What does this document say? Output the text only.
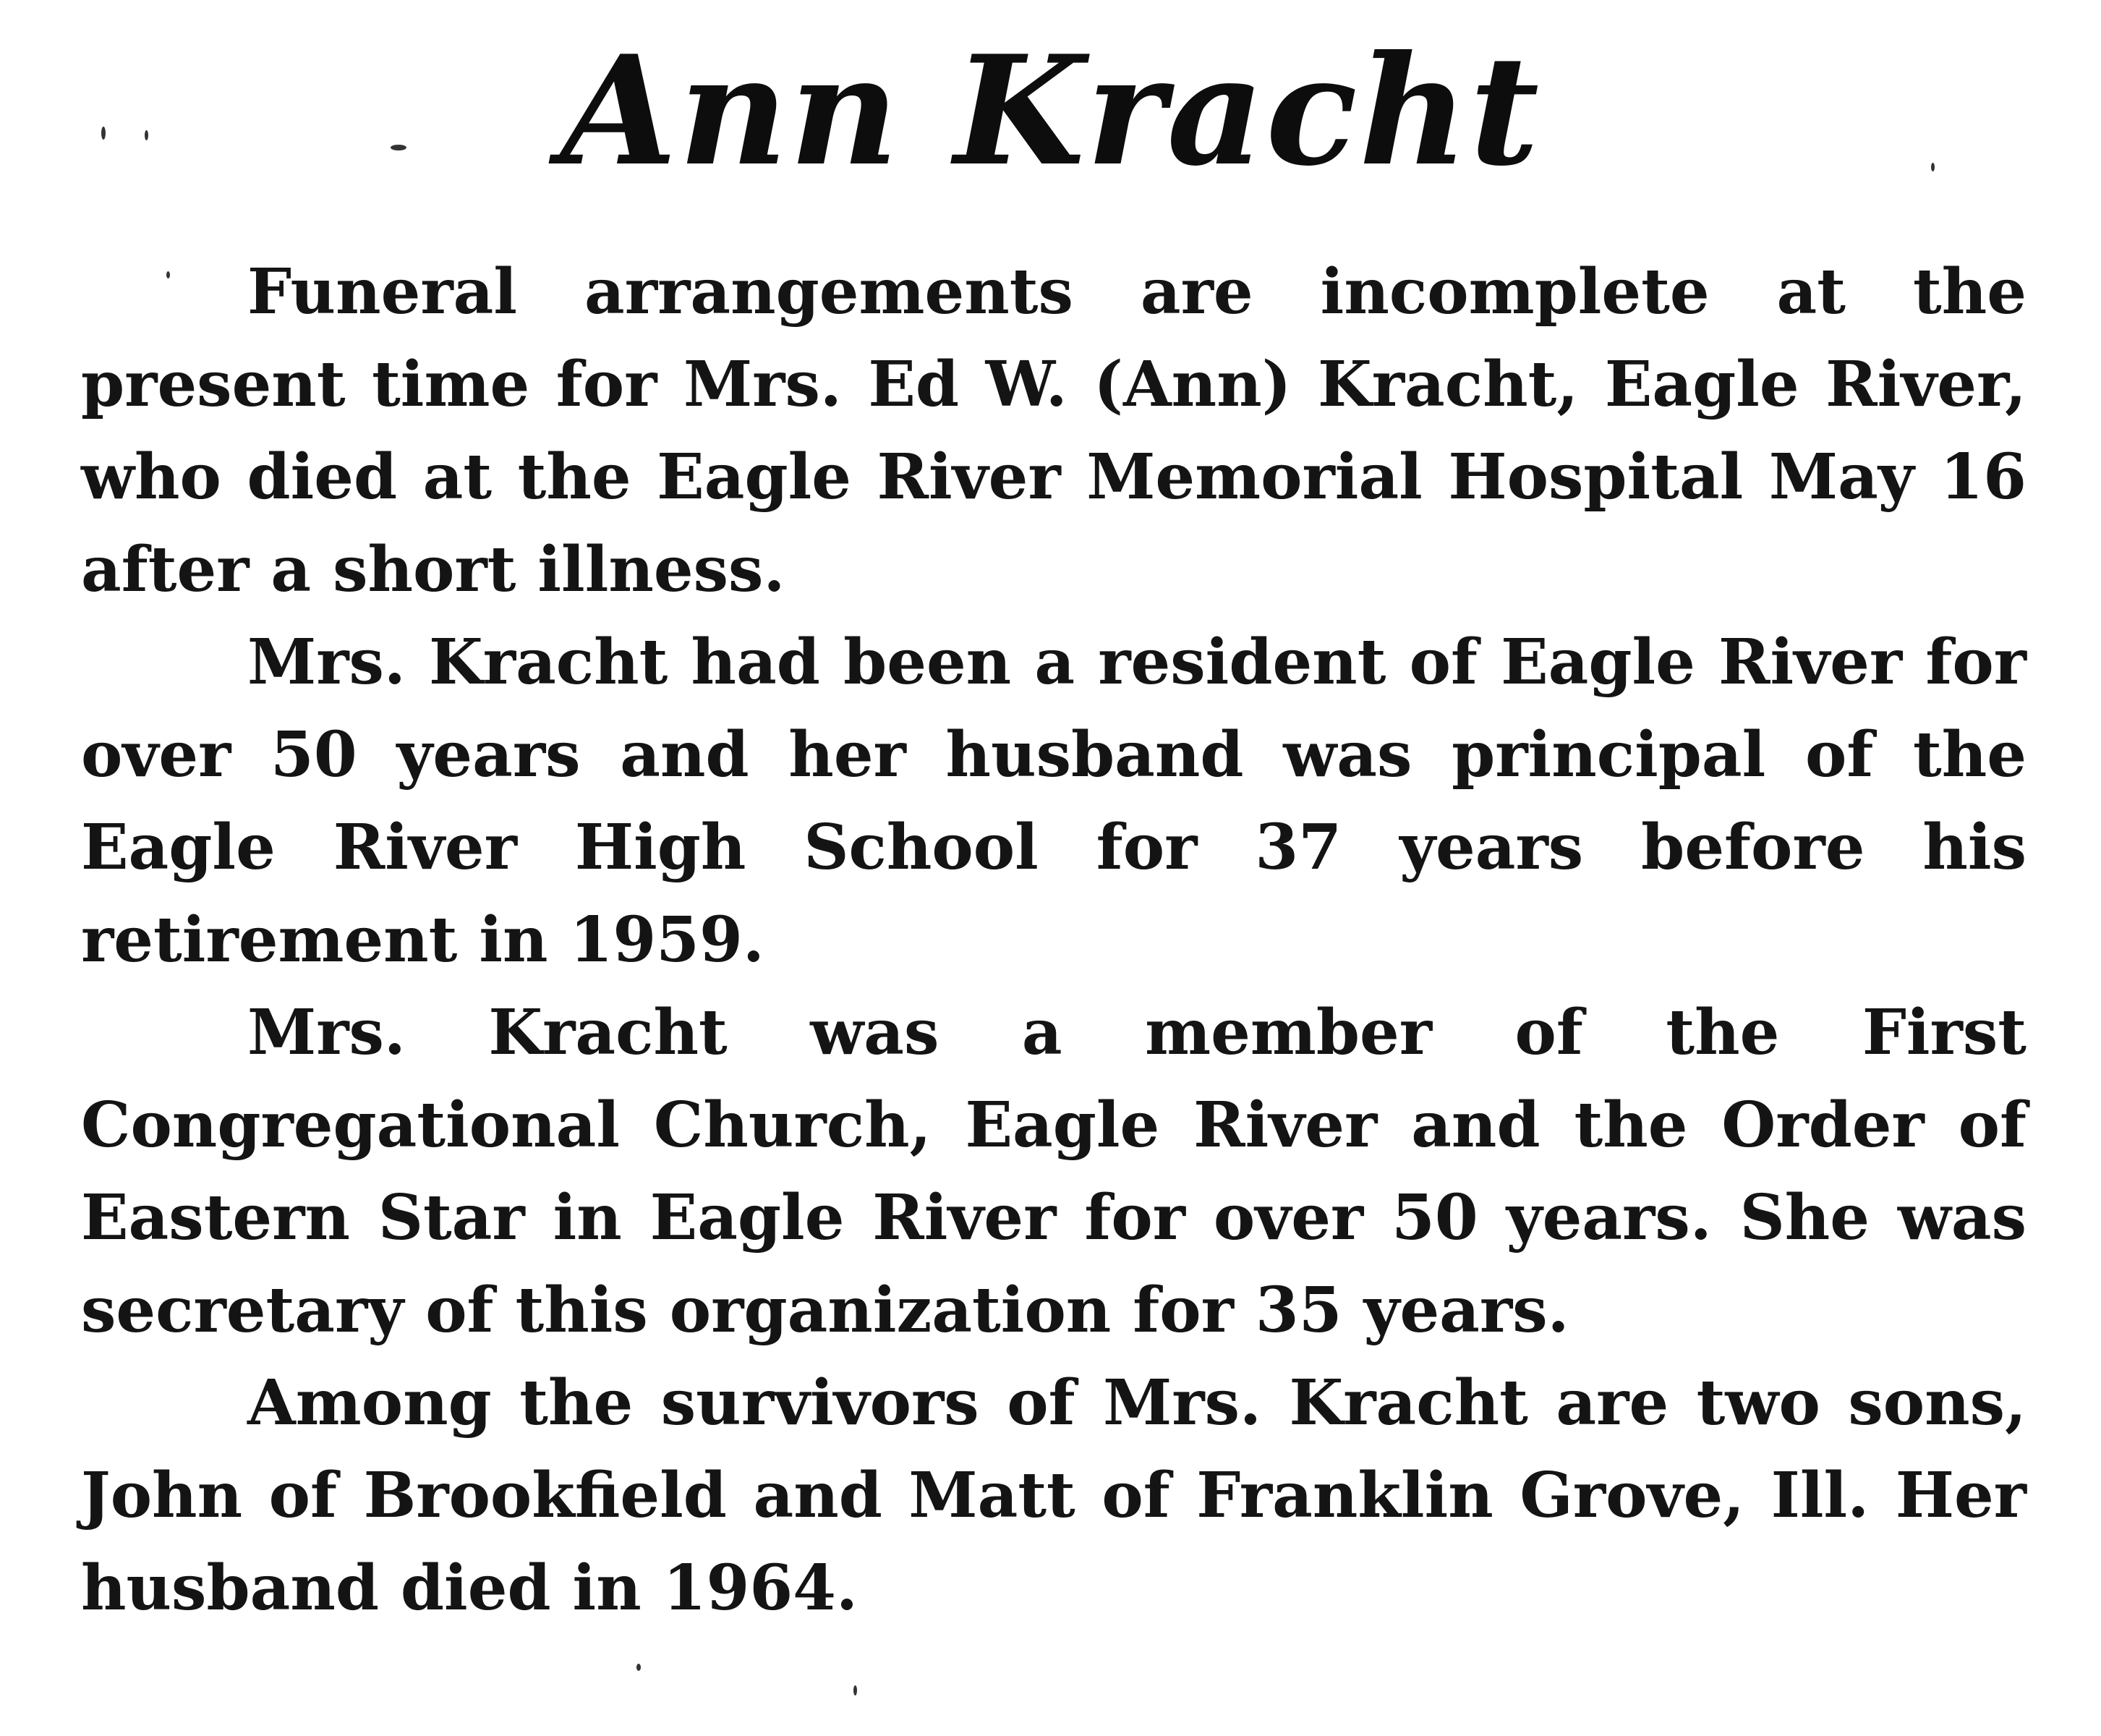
Ann Kracht

Funeral arrangements are incomplete at the present time for Mrs. Ed W. (Ann) Kracht, Eagle River, who died at the Eagle River Memorial Hospital May 16 after a short illness.

Mrs. Kracht had been a resident of Eagle River for over 50 years and her husband was principal of the Eagle River High School for 37 years before his retirement in 1959.

Mrs. Kracht was a member of the First Congregational Church, Eagle River and the Order of Eastern Star in Eagle River for over 50 years. She was secretary of this organization for 35 years.

Among the survivors of Mrs. Kracht are two sons, John of Brookfield and Matt of Franklin Grove, Ill. Her husband died in 1964.
